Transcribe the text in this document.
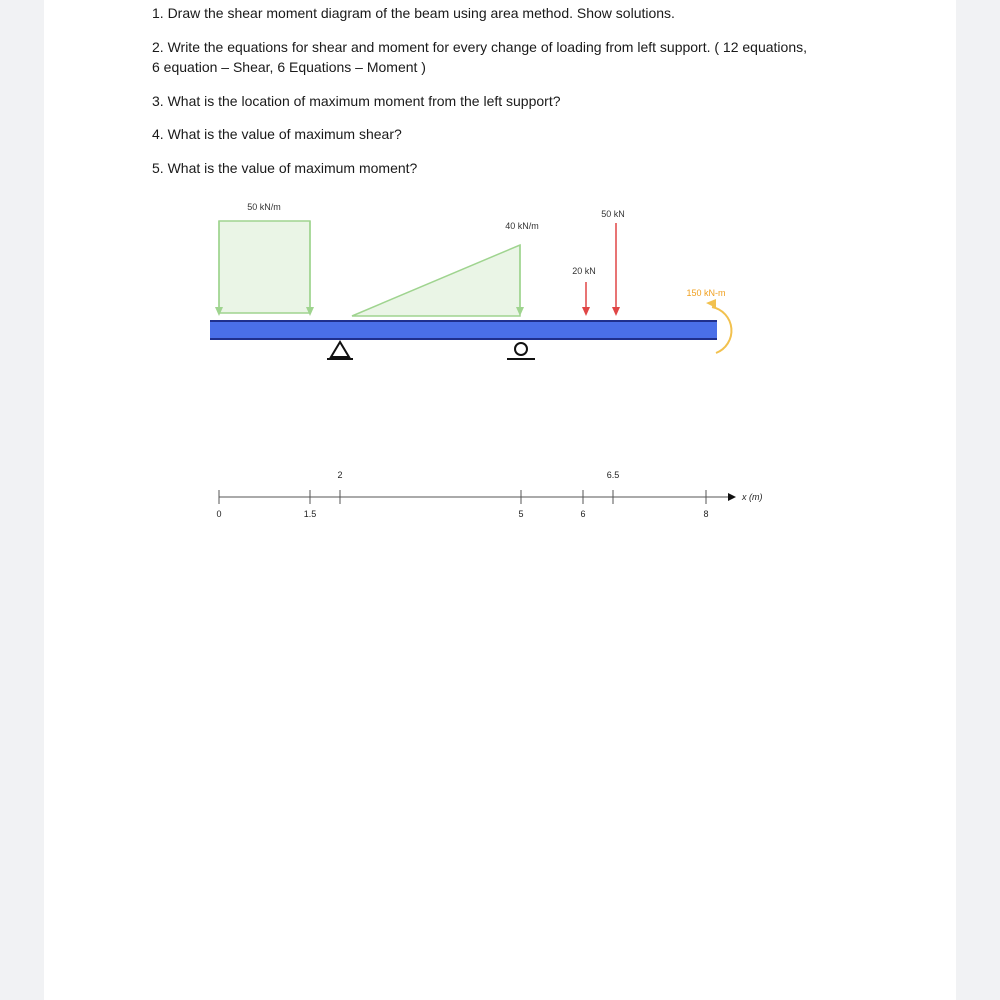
1. Draw the shear moment diagram of the beam using area method. Show solutions.

2. Write the equations for shear and moment for every change of loading from left support. ( 12 equations, 6 equation – Shear, 6 Equations – Moment )

3. What is the location of maximum moment from the left support?

4. What is the value of maximum shear?

5. What is the value of maximum moment?

50 kN/m
40 kN/m
20 kN
50 kN
150 kN-m
0	1.5	5	6	8
2	6.5
x (m)
